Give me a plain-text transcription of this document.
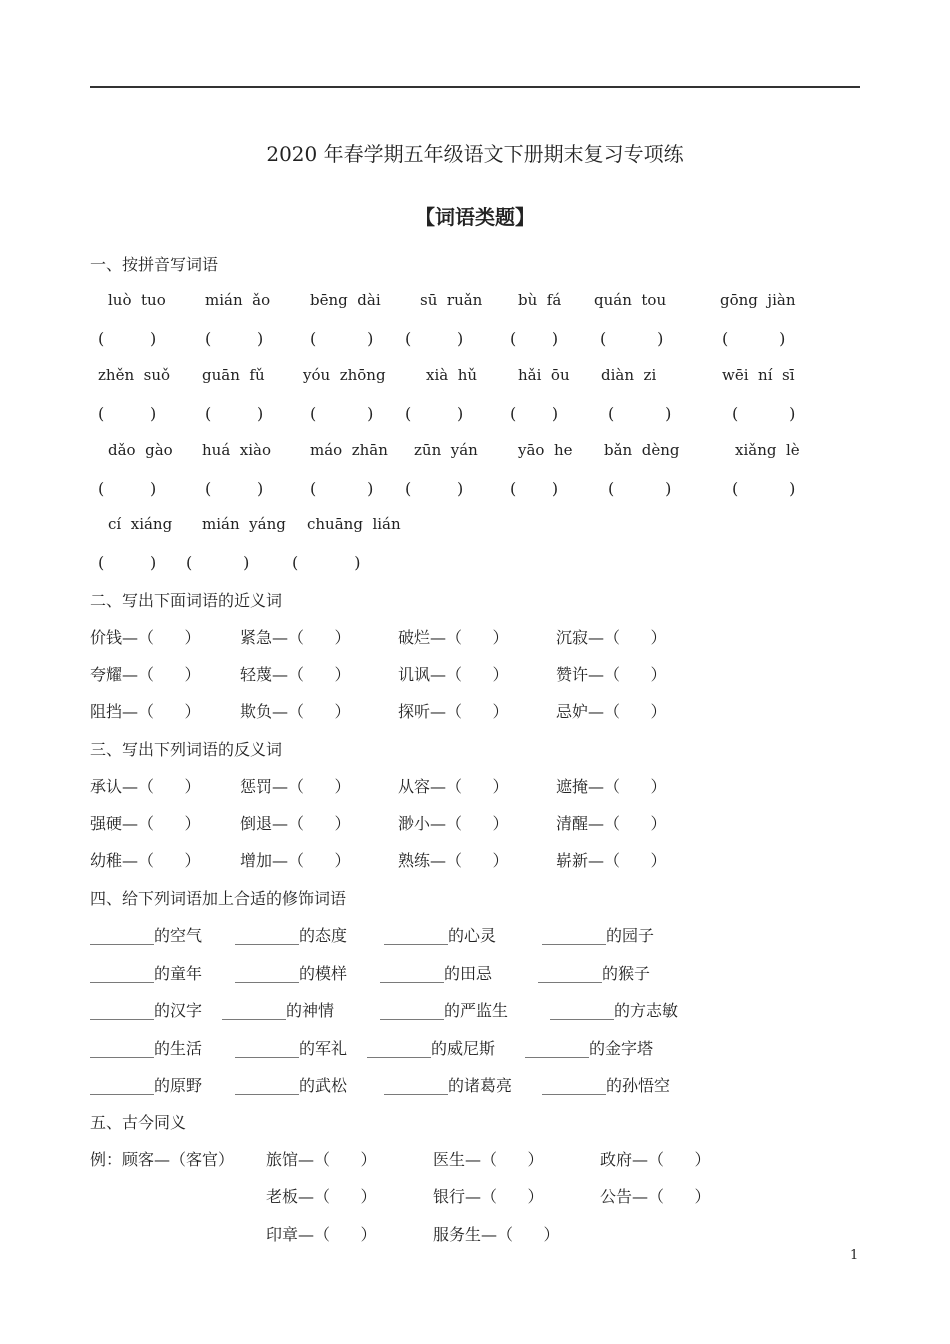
2020 年春学期五年级语文下册期末复习专项练
【词语类题】
一、按拼音写词语
luò  tuo	mián  ǎo	bēng  dài	sū  ruǎn bù  fá quán  tou	gōng  jiàn
(         )	(         )	(          ) (         )	(       )	(          )	(          )
zhěn  suǒ guān  fǔ	yóu  zhōng	xià  hǔ	hǎi  ōu diàn  zi	wēi  ní  sī
(         )	(         )	(          ) (         )	(       )	(          )	(          )
dǎo  gào huá  xiào	máo  zhān zūn  yán	yāo  he bǎn  dèng	xiǎng  lè
(         )	(         )	(          ) (         )	(       )	(          )	(          )
cí  xiáng mián  yáng chuāng  lián
(         ) (          )	(           )
二、写出下面词语的近义词
价钱—（      ） 紧急—（      ）	破烂—（      ）	沉寂—（      ）
夸耀—（      ） 轻蔑—（      ）	讥讽—（      ）	赞许—（      ）
阻挡—（      ） 欺负—（      ）	探听—（      ）	忌妒—（      ）
三、写出下列词语的反义词
承认—（      ） 惩罚—（      ）	从容—（      ）	遮掩—（      ）
强硬—（      ） 倒退—（      ）	渺小—（      ）	清醒—（      ）
幼稚—（      ） 增加—（      ）	熟练—（      ）	崭新—（      ）
四、给下列词语加上合适的修饰词语
________的空气 ________的态度 ________的心灵	________的园子
________的童年 ________的模样 ________的田忌	________的猴子
________的汉字 ________的神情	________的严监生	________的方志敏
________的生活 ________的军礼 ________的威尼斯 ________的金字塔
________的原野 ________的武松 ________的诸葛亮 ________的孙悟空
五、古今同义
例：顾客—（客官） 旅馆—（      ）	医生—（      ）	政府—（      ）
老板—（      ）	银行—（      ）	公告—（      ）
印章—（      ）	服务生—（      ）
1
